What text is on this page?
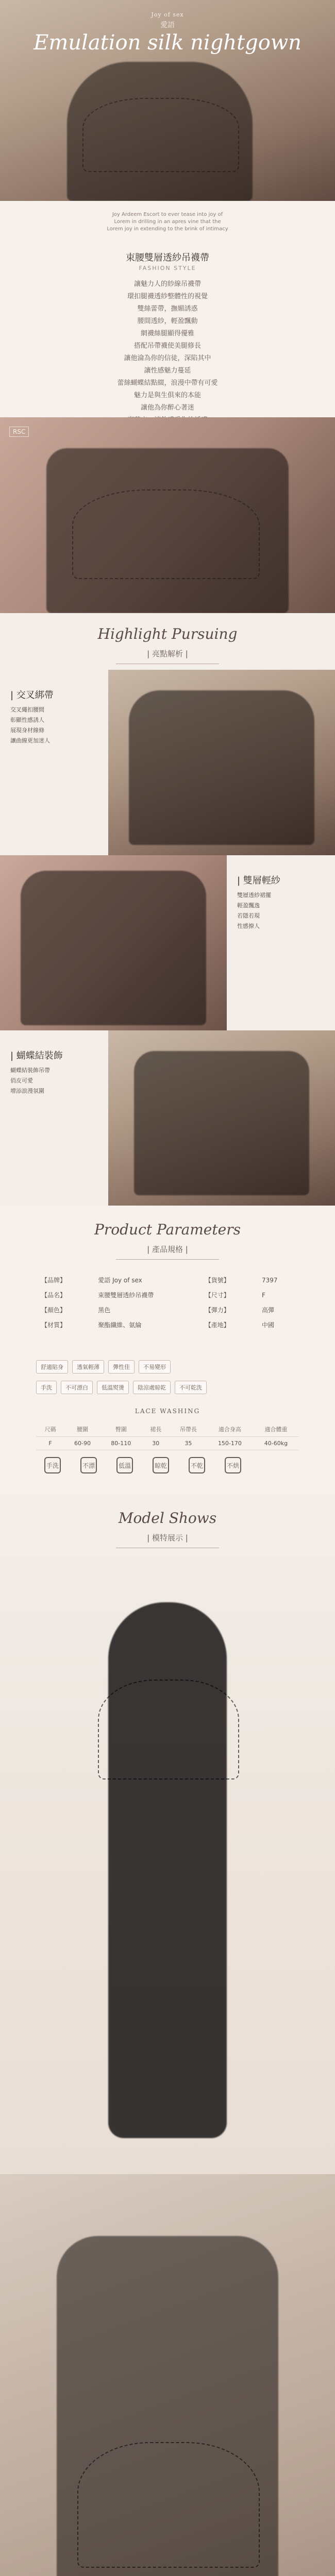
Joy of sex
愛語
Emulation silk nightgown
Joy Ardeem Escort to ever tease into joy of
Lorem in drilling in an apres vine that the
Lorem joy in extending to the brink of intimacy
束腰雙層透紗吊襪帶
FASHION STYLE
讓魅力人的紗線吊襪帶
環扣腿襪透紗整體性的視覺
雙絲蕾帶，撫媚誘惑
腰間透紗，輕盈飄動
網襪絲腿顯得優雅
搭配吊帶襪使美腿修長
讓他淪為你的信徒，深陷其中
讓性感魅力蔓延
蕾絲蝴蝶結點綴，浪漫中帶有可愛
魅力是與生俱來的本能
讓他為你醉心著迷
RSC
Highlight Pursuing
| 亮點解析 |
| 交叉綁帶
交叉繩扣腰間
彰顯性感誘人
展現身材線條
讓曲線更加迷人
| 雙層輕紗
雙層透紗裙擺
輕盈飄逸
若隱若現
性感撩人
| 蝴蝶結裝飾
蝴蝶結裝飾吊帶
俏皮可愛
增添浪漫氛圍
Product Parameters
| 產品規格 |
【品牌】	愛語 Joy of sex	【貨號】	7397
【品名】	束腰雙層透紗吊襪帶	【尺寸】	F
【顏色】	黑色	【彈力】	高彈
【材質】	聚酯纖維、氨綸	【產地】	中國
舒適貼身	透氣輕薄	彈性佳	不易變形
手洗	不可漂白	低溫熨燙	陰涼處晾乾	不可乾洗
LACE WASHING
尺碼	腰圍	臀圍	裙長	吊帶長	適合身高	適合體重
F	60-90	80-110	30	35	150-170	40-60kg
手洗	不漂	低溫	晾乾	不乾	不烘
Model Shows
| 模特展示 |
